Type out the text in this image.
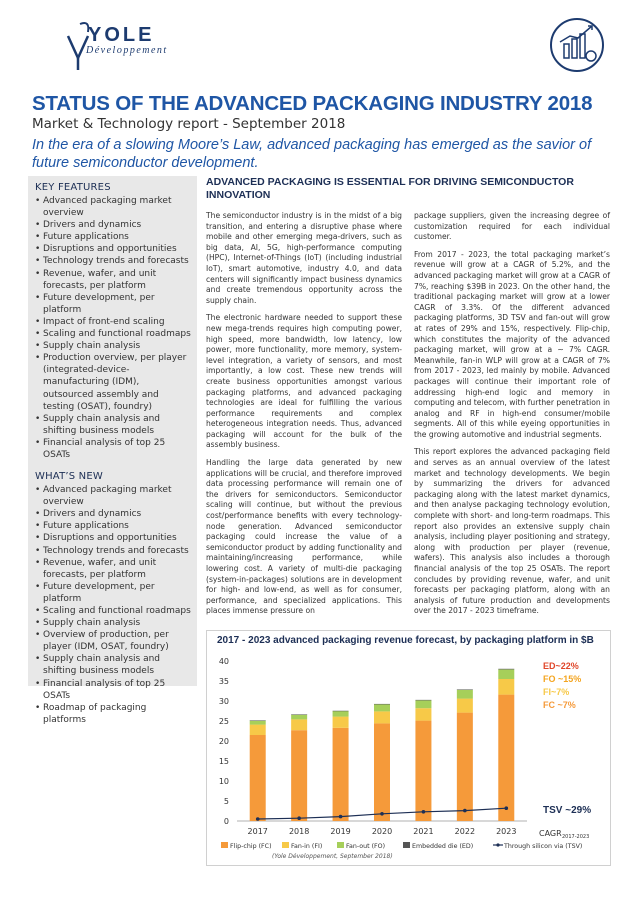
YOLE
Développement
STATUS OF THE ADVANCED PACKAGING INDUSTRY 2018
Market & Technology report - September 2018
In the era of a slowing Moore’s Law, advanced packaging has emerged as the savior of future semiconductor development.
KEY FEATURES
• Advanced packaging market overview
• Drivers and dynamics
• Future applications
• Disruptions and opportunities
• Technology trends and forecasts
• Revenue, wafer, and unit forecasts, per platform
• Future development, per platform
• Impact of front-end scaling
• Scaling and functional roadmaps
• Supply chain analysis
• Production overview, per player (integrated-device-manufacturing (IDM), outsourced assembly and testing (OSAT), foundry)
• Supply chain analysis and shifting business models
• Financial analysis of top 25 OSATs
WHAT’S NEW
• Advanced packaging market overview
• Drivers and dynamics
• Future applications
• Disruptions and opportunities
• Technology trends and forecasts
• Revenue, wafer, and unit forecasts, per platform
• Future development, per platform
• Scaling and functional roadmaps
• Supply chain analysis
• Overview of production, per player (IDM, OSAT, foundry)
• Supply chain analysis and shifting business models
• Financial analysis of top 25 OSATs
• Roadmap of packaging platforms
ADVANCED PACKAGING IS ESSENTIAL FOR DRIVING SEMICONDUCTOR INNOVATION

The semiconductor industry is in the midst of a big transition, and entering a disruptive phase where mobile and other emerging mega-drivers, such as big data, AI, 5G, high-performance computing (HPC), Internet-of-Things (IoT) (including industrial IoT), smart automotive, industry 4.0, and data centers will significantly impact business dynamics and create tremendous opportunity across the supply chain.

The electronic hardware needed to support these new mega-trends requires high computing power, high speed, more bandwidth, low latency, low power, more functionality, more memory, system-level integration, a variety of sensors, and most importantly, a low cost. These new trends will create business opportunities amongst various packaging platforms, and advanced packaging technologies are ideal for fulfilling the various performance requirements and complex heterogeneous integration needs. Thus, advanced packaging will account for the bulk of the assembly business.

Handling the large data generated by new applications will be crucial, and therefore improved data processing performance will remain one of the drivers for semiconductors. Semiconductor scaling will continue, but without the previous cost/performance benefits with every technology-node generation. Advanced semiconductor packaging could increase the value of a semiconductor product by adding functionality and maintaining/increasing performance, while lowering cost. A variety of multi-die packaging (system-in-packages) solutions are in development for high- and low-end, as well as for consumer, performance, and specialized applications. This places immense pressure on

package suppliers, given the increasing degree of customization required for each individual customer.

From 2017 - 2023, the total packaging market’s revenue will grow at a CAGR of 5.2%, and the advanced packaging market will grow at a CAGR of 7%, reaching $39B in 2023. On the other hand, the traditional packaging market will grow at a lower CAGR of 3.3%. Of the different advanced packaging platforms, 3D TSV and fan-out will grow at rates of 29% and 15%, respectively. Flip-chip, which constitutes the majority of the advanced packaging market, will grow at a ~ 7% CAGR. Meanwhile, fan-in WLP will grow at a CAGR of 7% from 2017 - 2023, led mainly by mobile. Advanced packages will continue their important role of addressing high-end logic and memory in computing and telecom, with further penetration in analog and RF in high-end consumer/mobile segments. All of this while eyeing opportunities in the growing automotive and industrial segments.

This report explores the advanced packaging field and serves as an annual overview of the latest market and technology developments. We begin by summarizing the drivers for advanced packaging along with the latest market dynamics, and then analyse packaging technology evolution, complete with short- and long-term roadmaps. This report also provides an extensive supply chain analysis, including player positioning and strategy, along with production per player (revenue, wafers). This analysis also includes a thorough financial analysis of the top 25 OSATs. The report concludes by providing revenue, wafer, and unit forecasts per packaging platform, along with an analysis of future production and developments over the 2017 - 2023 timeframe.

2017 - 2023 advanced packaging revenue forecast, by packaging platform in $B
0
5
10
15
20
25
30
35
40
2017	2018	2019	2020	2021	2022	2023
ED~22%
FO ~15%
FI~7%
FC ~7%
TSV ~29%
CAGR 2017-2023
Flip-chip (FC)	Fan-in (FI)	Fan-out (FO)	Embedded die (ED)	Through silicon via (TSV)
(Yole Développement, September 2018)
